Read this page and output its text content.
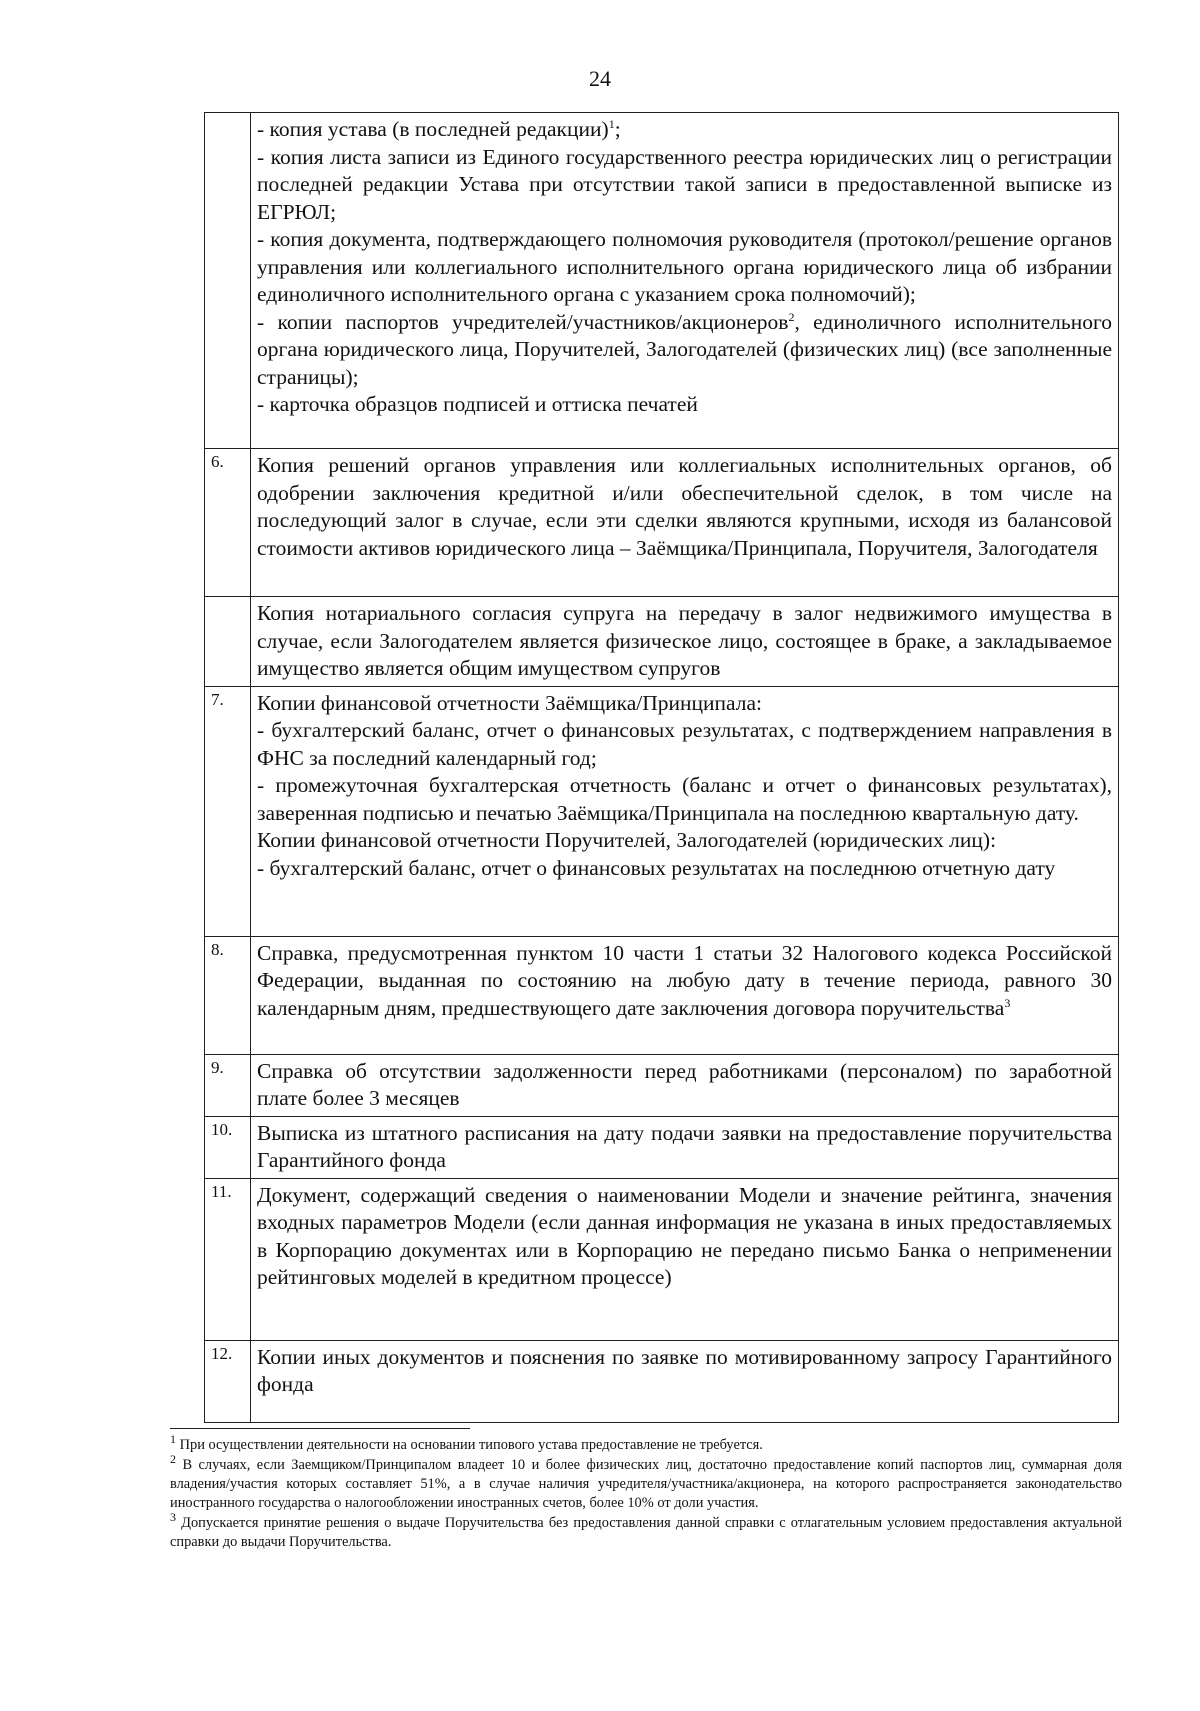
24

	- копия устава (в последней редакции)$^1$;
- копия листа записи из Единого государственного реестра юридических лиц о регистрации последней редакции Устава при отсутствии такой записи в предоставленной выписке из ЕГРЮЛ;
- копия документа, подтверждающего полномочия руководителя (протокол/решение органов управления или коллегиального исполнительного органа юридического лица об избрании единоличного исполнительного органа с указанием срока полномочий);
- копии паспортов учредителей/участников/акционеров$^2$, единоличного исполнительного органа юридического лица, Поручителей, Залогодателей (физических лиц) (все заполненные страницы);
- карточка образцов подписей и оттиска печатей

6.	Копия решений органов управления или коллегиальных исполнительных органов, об одобрении заключения кредитной и/или обеспечительной сделок, в том числе на последующий залог в случае, если эти сделки являются крупными, исходя из балансовой стоимости активов юридического лица – Заёмщика/Принципала, Поручителя, Залогодателя
	Копия нотариального согласия супруга на передачу в залог недвижимого имущества в случае, если Залогодателем является физическое лицо, состоящее в браке, а закладываемое имущество является общим имуществом супругов
7.	Копии финансовой отчетности Заёмщика/Принципала:
- бухгалтерский баланс, отчет о финансовых результатах, с подтверждением направления в ФНС за последний календарный год;
- промежуточная бухгалтерская отчетность (баланс и отчет о финансовых результатах), заверенная подписью и печатью Заёмщика/Принципала на последнюю квартальную дату.
Копии финансовой отчетности Поручителей, Залогодателей (юридических лиц):
- бухгалтерский баланс, отчет о финансовых результатах на последнюю отчетную дату

8.	Справка, предусмотренная пунктом 10 части 1 статьи 32 Налогового кодекса Российской Федерации, выданная по состоянию на любую дату в течение периода, равного 30 календарным дням, предшествующего дате заключения договора поручительства$^3$
9.	Справка об отсутствии задолженности перед работниками (персоналом) по заработной плате более 3 месяцев
10.	Выписка из штатного расписания на дату подачи заявки на предоставление поручительства Гарантийного фонда
11.	Документ, содержащий сведения о наименовании Модели и значение рейтинга, значения входных параметров Модели (если данная информация не указана в иных предоставляемых в Корпорацию документах или в Корпорацию не передано письмо Банка о неприменении рейтинговых моделей в кредитном процессе)
12.	Копии иных документов и пояснения по заявке по мотивированному запросу Гарантийного фонда

$^1$ При осуществлении деятельности на основании типового устава предоставление не требуется.

$^2$ В случаях, если Заемщиком/Принципалом владеет 10 и более физических лиц, достаточно предоставление копий паспортов лиц, суммарная доля владения/участия которых составляет 51%, а в случае наличия учредителя/участника/акционера, на которого распространяется законодательство иностранного государства о налогообложении иностранных счетов, более 10% от доли участия.

$^3$ Допускается принятие решения о выдаче Поручительства без предоставления данной справки с отлагательным условием предоставления актуальной справки до выдачи Поручительства.
